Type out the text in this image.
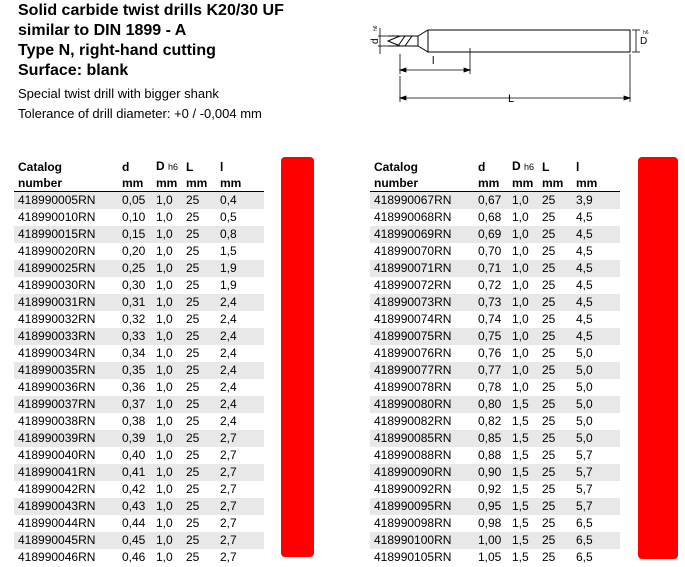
Solid carbide twist drills K20/30 UF
similar to DIN 1899 - A
Type N, right-hand cutting
Surface: blank

Special twist drill with bigger shank

Tolerance of drill diameter: +0 / -0,004 mm

d
h6
D
h6
l
L
Catalog	d	D h6	L	l
number	mm	mm	mm	mm
418990005RN	0,05	1,0	25	0,4
418990010RN	0,10	1,0	25	0,5
418990015RN	0,15	1,0	25	0,8
418990020RN	0,20	1,0	25	1,5
418990025RN	0,25	1,0	25	1,9
418990030RN	0,30	1,0	25	1,9
418990031RN	0,31	1,0	25	2,4
418990032RN	0,32	1,0	25	2,4
418990033RN	0,33	1,0	25	2,4
418990034RN	0,34	1,0	25	2,4
418990035RN	0,35	1,0	25	2,4
418990036RN	0,36	1,0	25	2,4
418990037RN	0,37	1,0	25	2,4
418990038RN	0,38	1,0	25	2,4
418990039RN	0,39	1,0	25	2,7
418990040RN	0,40	1,0	25	2,7
418990041RN	0,41	1,0	25	2,7
418990042RN	0,42	1,0	25	2,7
418990043RN	0,43	1,0	25	2,7
418990044RN	0,44	1,0	25	2,7
418990045RN	0,45	1,0	25	2,7
418990046RN	0,46	1,0	25	2,7
Catalog	d	D h6	L	l
number	mm	mm	mm	mm
418990067RN	0,67	1,0	25	3,9
418990068RN	0,68	1,0	25	4,5
418990069RN	0,69	1,0	25	4,5
418990070RN	0,70	1,0	25	4,5
418990071RN	0,71	1,0	25	4,5
418990072RN	0,72	1,0	25	4,5
418990073RN	0,73	1,0	25	4,5
418990074RN	0,74	1,0	25	4,5
418990075RN	0,75	1,0	25	4,5
418990076RN	0,76	1,0	25	5,0
418990077RN	0,77	1,0	25	5,0
418990078RN	0,78	1,0	25	5,0
418990080RN	0,80	1,5	25	5,0
418990082RN	0,82	1,5	25	5,0
418990085RN	0,85	1,5	25	5,0
418990088RN	0,88	1,5	25	5,7
418990090RN	0,90	1,5	25	5,7
418990092RN	0,92	1,5	25	5,7
418990095RN	0,95	1,5	25	5,7
418990098RN	0,98	1,5	25	6,5
418990100RN	1,00	1,5	25	6,5
418990105RN	1,05	1,5	25	6,5
